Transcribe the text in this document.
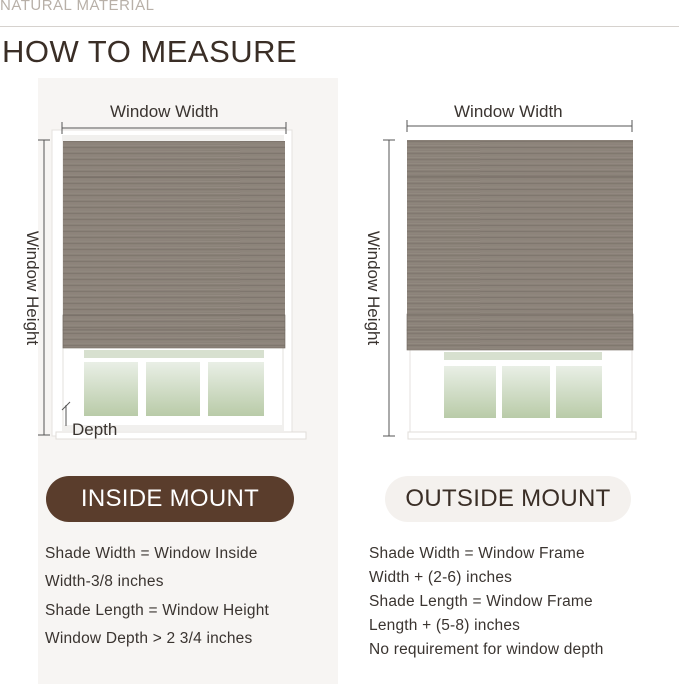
NATURAL MATERIAL
HOW TO MEASURE
Window Width
Window Height
Depth
Window Width
Window Height
INSIDE MOUNT	OUTSIDE MOUNT
Shade Width = Window Inside
Width-3/8 inches
Shade Length = Window Height
Window Depth > 2 3/4 inches
Shade Width = Window Frame
Width + (2-6) inches
Shade Length = Window Frame
Length + (5-8) inches
No requirement for window depth
